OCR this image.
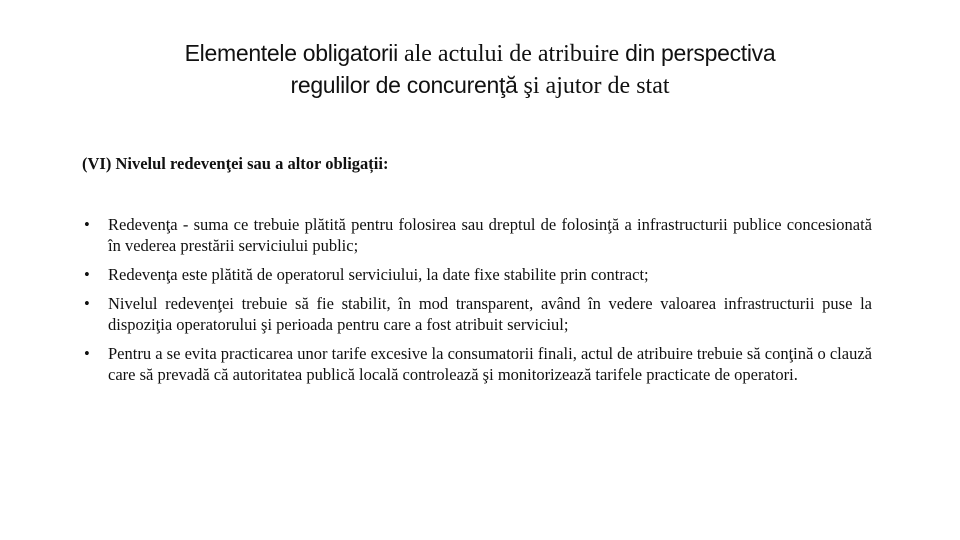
Elementele obligatorii ale actului de atribuire din perspectiva
regulilor de concurenţă şi ajutor de stat
(VI) Nivelul redevenţei sau a altor obligații:
• Redevenţa - suma ce trebuie plătită pentru folosirea sau dreptul de folosinţă a infrastructurii publice concesionată în vederea prestării serviciului public;
• Redevenţa este plătită de operatorul serviciului, la date fixe stabilite prin contract;
• Nivelul redevenţei trebuie să fie stabilit, în mod transparent, având în vedere valoarea infrastructurii puse la dispoziţia operatorului şi perioada pentru care a fost atribuit serviciul;
• Pentru a se evita practicarea unor tarife excesive la consumatorii finali, actul de atribuire trebuie să conţină o clauză care să prevadă că autoritatea publică locală controlează şi monitorizează tarifele practicate de operatori.
